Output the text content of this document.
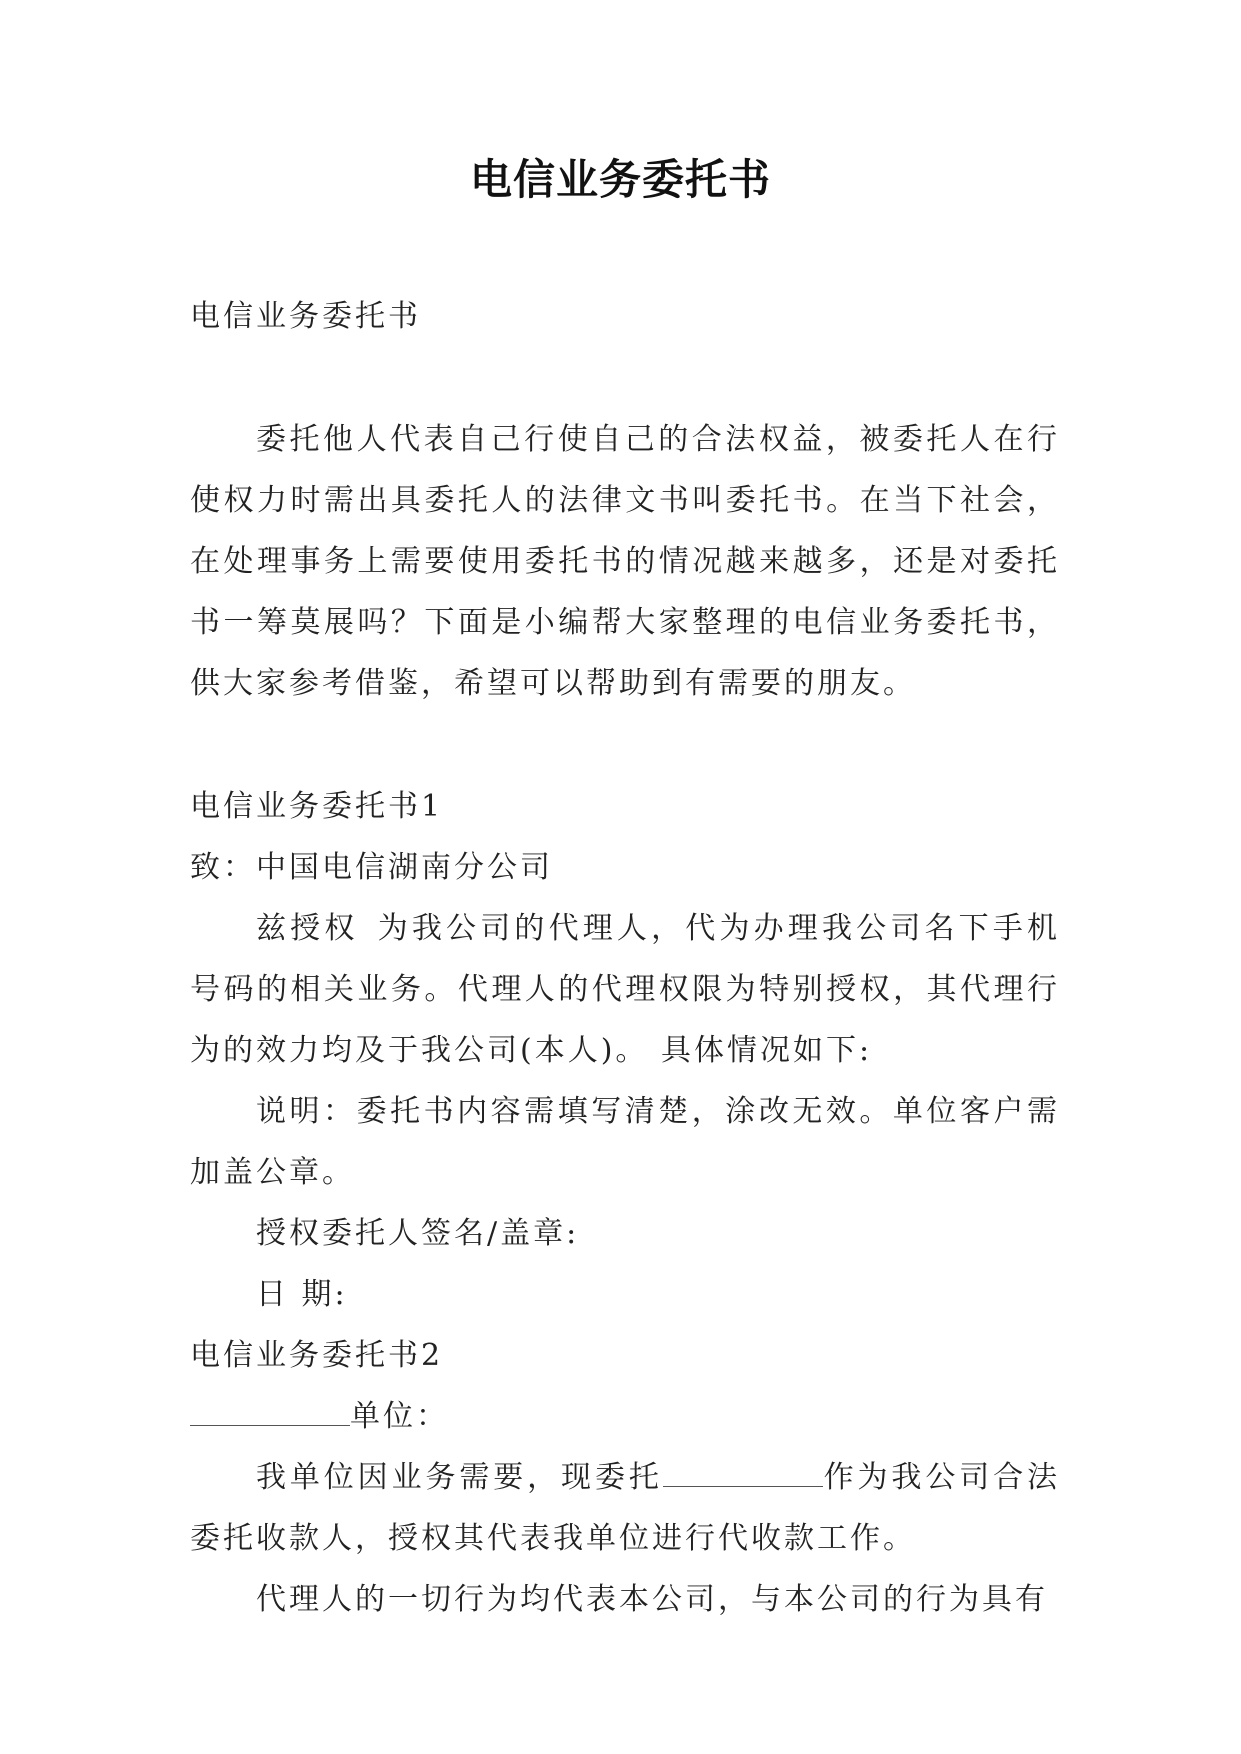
电信业务委托书

电信业务委托书

委托他人代表自己行使自己的合法权益，被委托人在行使权力时需出具委托人的法律文书叫委托书。在当下社会，在处理事务上需要使用委托书的情况越来越多，还是对委托书一筹莫展吗？下面是小编帮大家整理的电信业务委托书，供大家参考借鉴，希望可以帮助到有需要的朋友。

电信业务委托书1

致：中国电信湖南分公司

兹授权 为我公司的代理人，代为办理我公司名下手机号码的相关业务。代理人的代理权限为特别授权，其代理行为的效力均及于我公司(本人)。 具体情况如下:

说明：委托书内容需填写清楚，涂改无效。单位客户需加盖公章。

授权委托人签名/盖章:

日 期:

电信业务委托书2

单位：

我单位因业务需要，现委托	作为我公司合法委托收款人，授权其代表我单位进行代收款工作。

代理人的一切行为均代表本公司，与本公司的行为具有
